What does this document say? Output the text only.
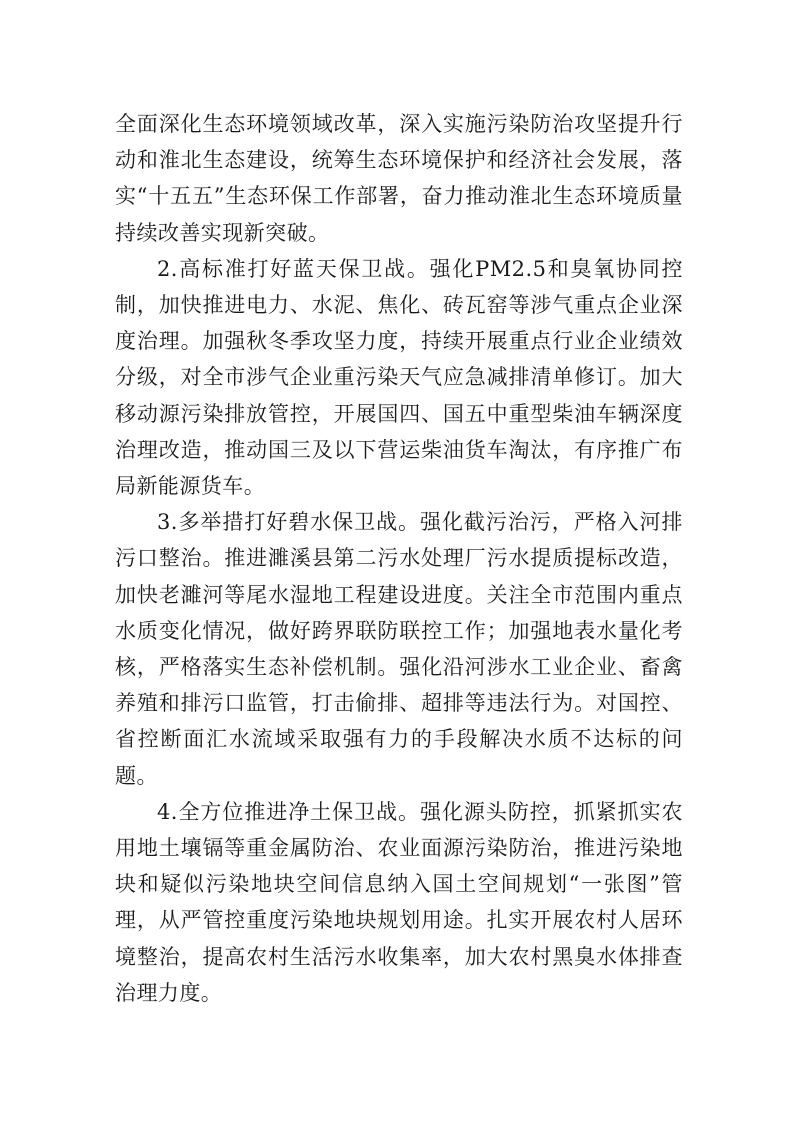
全面深化生态环境领域改革，深入实施污染防治攻坚提升行动和淮北生态建设，统筹生态环境保护和经济社会发展，落实“十五五”生态环保工作部署，奋力推动淮北生态环境质量持续改善实现新突破。

2.高标准打好蓝天保卫战。强化PM2.5和臭氧协同控制，加快推进电力、水泥、焦化、砖瓦窑等涉气重点企业深度治理。加强秋冬季攻坚力度，持续开展重点行业企业绩效分级，对全市涉气企业重污染天气应急减排清单修订。加大移动源污染排放管控，开展国四、国五中重型柴油车辆深度治理改造，推动国三及以下营运柴油货车淘汰，有序推广布局新能源货车。

3.多举措打好碧水保卫战。强化截污治污，严格入河排污口整治。推进濉溪县第二污水处理厂污水提质提标改造，加快老濉河等尾水湿地工程建设进度。关注全市范围内重点水质变化情况，做好跨界联防联控工作；加强地表水量化考核，严格落实生态补偿机制。强化沿河涉水工业企业、畜禽养殖和排污口监管，打击偷排、超排等违法行为。对国控、省控断面汇水流域采取强有力的手段解决水质不达标的问题。

4.全方位推进净土保卫战。强化源头防控，抓紧抓实农用地土壤镉等重金属防治、农业面源污染防治，推进污染地块和疑似污染地块空间信息纳入国土空间规划“一张图”管理，从严管控重度污染地块规划用途。扎实开展农村人居环境整治，提高农村生活污水收集率，加大农村黑臭水体排查治理力度。
